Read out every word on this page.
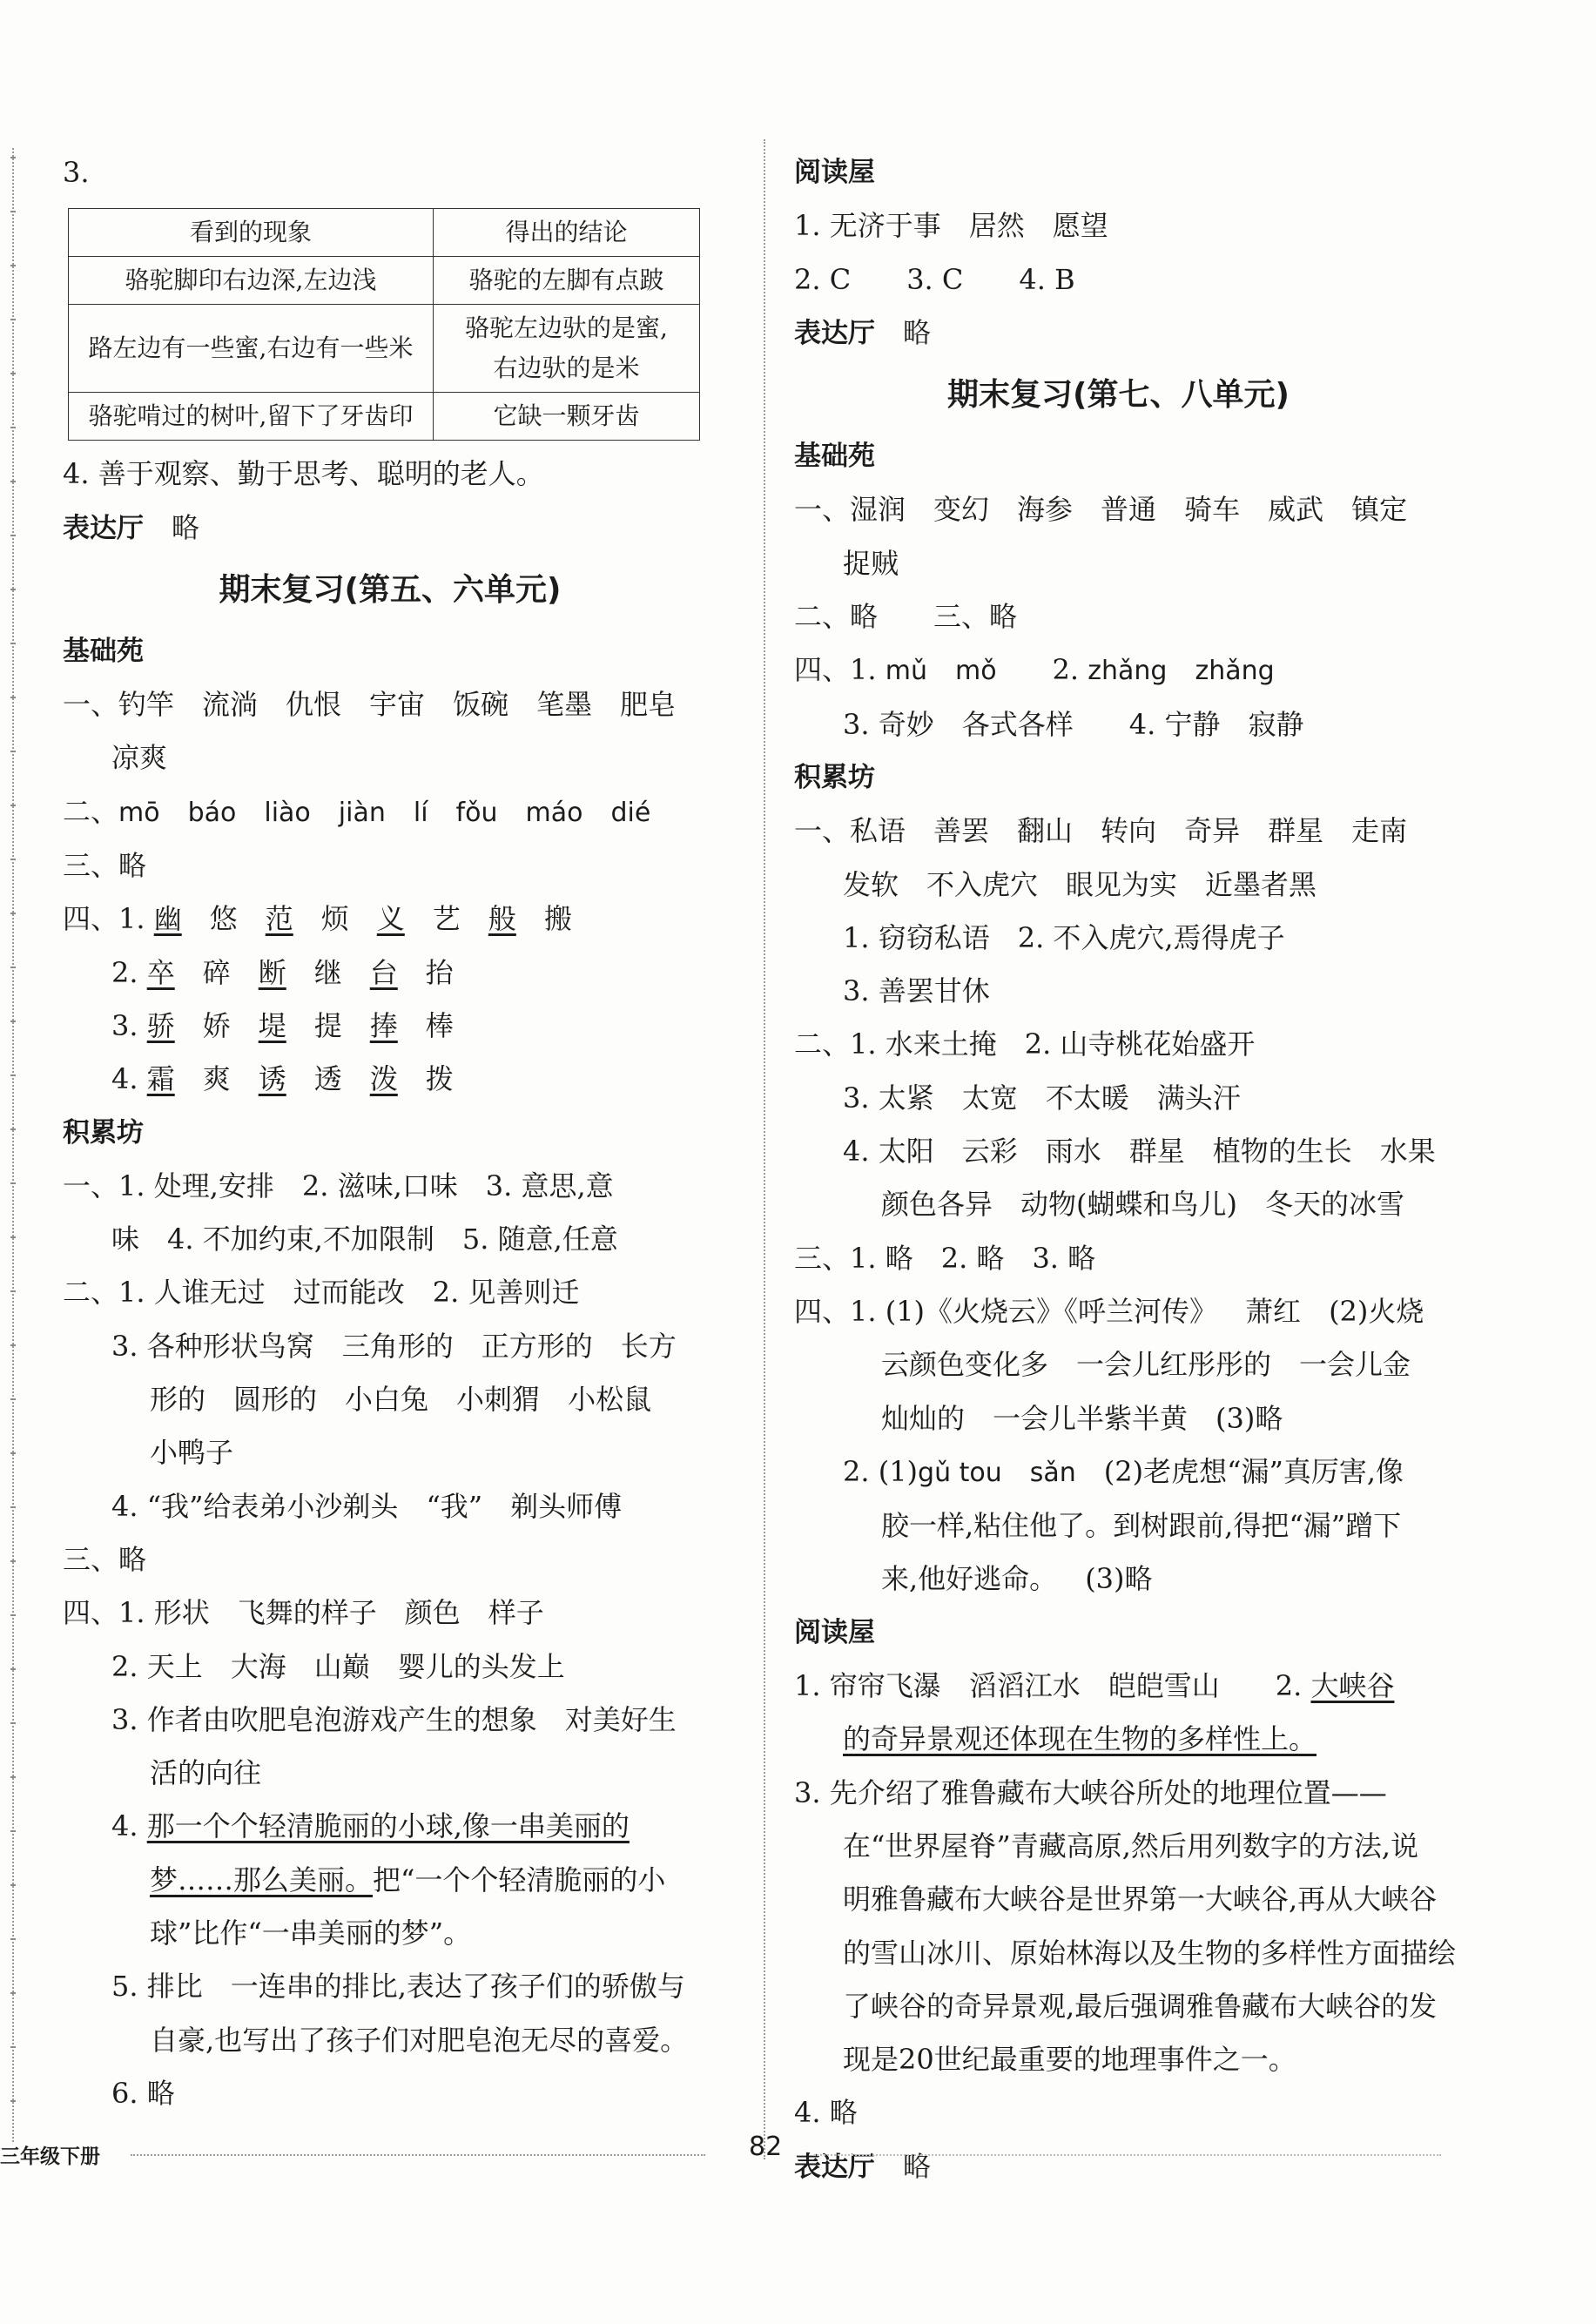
3.
看到的现象	得出的结论
骆驼脚印右边深,左边浅	骆驼的左脚有点跛
路左边有一些蜜,右边有一些米	骆驼左边驮的是蜜,
右边驮的是米
骆驼啃过的树叶,留下了牙齿印	它缺一颗牙齿
4. 善于观察、勤于思考、聪明的老人。
表达厅  略
期末复习(第五、六单元)
基础苑
一、钓竿  流淌  仇恨  宇宙  饭碗  笔墨  肥皂
凉爽
二、mō  báo  liào  jiàn  lí  fǒu  máo  dié
三、略
四、1. 幽  悠  范  烦  义  艺  般  搬
2. 卒  碎  断  继  台  抬
3. 骄  娇  堤  提  捧  棒
4. 霜  爽  诱  透  泼  拨
积累坊
一、1. 处理,安排  2. 滋味,口味  3. 意思,意
味  4. 不加约束,不加限制  5. 随意,任意
二、1. 人谁无过  过而能改  2. 见善则迁
3. 各种形状鸟窝  三角形的  正方形的  长方
形的  圆形的  小白兔  小刺猬  小松鼠
小鸭子
4. “我”给表弟小沙剃头  “我”  剃头师傅
三、略
四、1. 形状  飞舞的样子  颜色  样子
2. 天上  大海  山巅  婴儿的头发上
3. 作者由吹肥皂泡游戏产生的想象  对美好生
活的向往
4. 那一个个轻清脆丽的小球,像一串美丽的
梦……那么美丽。把“一个个轻清脆丽的小
球”比作“一串美丽的梦”。
5. 排比  一连串的排比,表达了孩子们的骄傲与
自豪,也写出了孩子们对肥皂泡无尽的喜爱。
6. 略
阅读屋
1. 无济于事  居然  愿望
2. C   3. C   4. B
表达厅  略
期末复习(第七、八单元)
基础苑
一、湿润  变幻  海参  普通  骑车  威武  镇定
捉贼
二、略   三、略
四、1. mǔ  mǒ   2. zhǎng  zhǎng
3. 奇妙  各式各样   4. 宁静  寂静
积累坊
一、私语  善罢  翻山  转向  奇异  群星  走南
发软  不入虎穴  眼见为实  近墨者黑
1. 窃窃私语  2. 不入虎穴,焉得虎子
3. 善罢甘休
二、1. 水来土掩  2. 山寺桃花始盛开
3. 太紧  太宽  不太暖  满头汗
4. 太阳  云彩  雨水  群星  植物的生长  水果
颜色各异  动物(蝴蝶和鸟儿)  冬天的冰雪
三、1. 略  2. 略  3. 略
四、1. (1)《火烧云》《呼兰河传》  萧红  (2)火烧
云颜色变化多  一会儿红彤彤的  一会儿金
灿灿的  一会儿半紫半黄  (3)略
2. (1)gǔ tou  sǎn  (2)老虎想“漏”真厉害,像
胶一样,粘住他了。到树跟前,得把“漏”蹭下
来,他好逃命。  (3)略
阅读屋
1. 帘帘飞瀑  滔滔江水  皑皑雪山   2. 大峡谷
的奇异景观还体现在生物的多样性上。
3. 先介绍了雅鲁藏布大峡谷所处的地理位置——
在“世界屋脊”青藏高原,然后用列数字的方法,说
明雅鲁藏布大峡谷是世界第一大峡谷,再从大峡谷
的雪山冰川、原始林海以及生物的多样性方面描绘
了峡谷的奇异景观,最后强调雅鲁藏布大峡谷的发
现是20世纪最重要的地理事件之一。
4. 略
表达厅  略
三年级下册	82
